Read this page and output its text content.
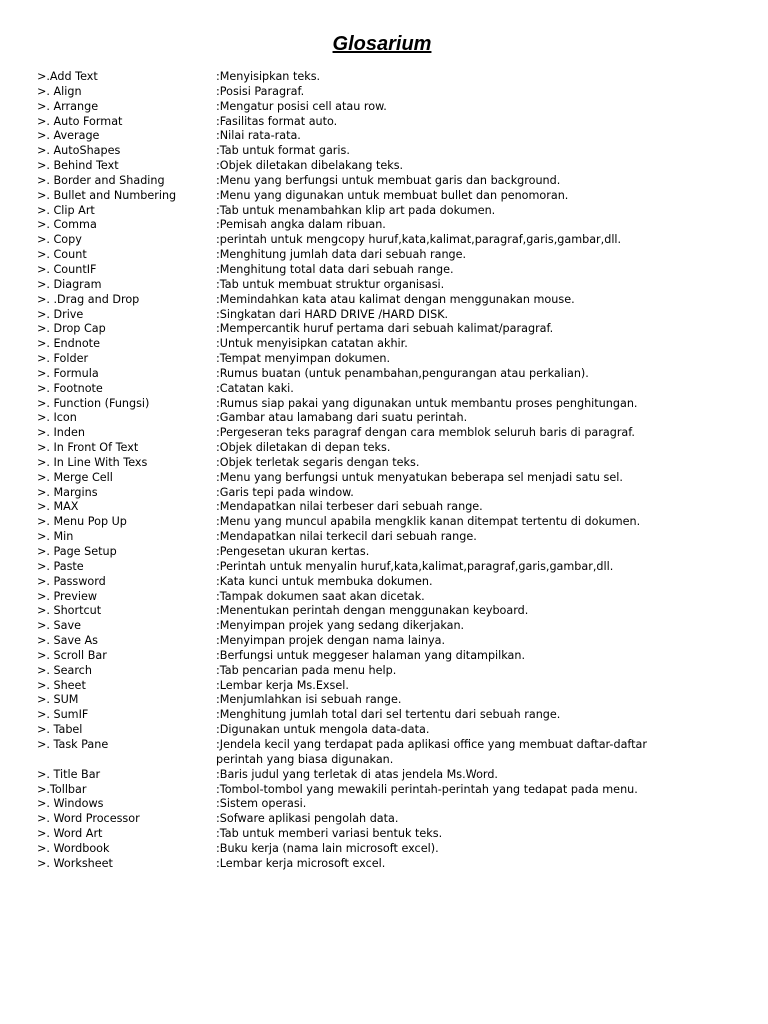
Glosarium
>.Add Text	:Menyisipkan teks.
>. Align	:Posisi Paragraf.
>. Arrange	:Mengatur posisi cell atau row.
>. Auto Format	:Fasilitas format auto.
>. Average	:Nilai rata-rata.
>. AutoShapes	:Tab untuk format garis.
>. Behind Text	:Objek diletakan dibelakang teks.
>. Border and Shading	:Menu yang berfungsi untuk membuat garis dan background.
>. Bullet and Numbering	:Menu yang digunakan untuk membuat bullet dan penomoran.
>. Clip Art	:Tab untuk menambahkan klip art pada dokumen.
>. Comma	:Pemisah angka dalam ribuan.
>. Copy	:perintah untuk mengcopy huruf,kata,kalimat,paragraf,garis,gambar,dll.
>. Count	:Menghitung jumlah data dari sebuah range.
>. CountIF	:Menghitung total data dari sebuah range.
>. Diagram	:Tab untuk membuat struktur organisasi.
>. .Drag and Drop	:Memindahkan kata atau kalimat dengan menggunakan mouse.
>. Drive	:Singkatan dari HARD DRIVE /HARD DISK.
>. Drop Cap	:Mempercantik huruf pertama dari sebuah kalimat/paragraf.
>. Endnote	:Untuk menyisipkan catatan akhir.
>. Folder	:Tempat menyimpan dokumen.
>. Formula	:Rumus buatan (untuk penambahan,pengurangan atau perkalian).
>. Footnote	:Catatan kaki.
>. Function (Fungsi)	:Rumus siap pakai yang digunakan untuk membantu proses penghitungan.
>. Icon	:Gambar atau lamabang dari suatu perintah.
>. Inden	:Pergeseran teks paragraf dengan cara memblok seluruh baris di paragraf.
>. In Front Of Text	:Objek diletakan di depan teks.
>. In Line With Texs	:Objek terletak segaris dengan teks.
>. Merge Cell	:Menu yang berfungsi untuk menyatukan beberapa sel menjadi satu sel.
>. Margins	:Garis tepi pada window.
>. MAX	:Mendapatkan nilai terbeser dari sebuah range.
>. Menu Pop Up	:Menu yang muncul apabila mengklik kanan ditempat tertentu di dokumen.
>. Min	:Mendapatkan nilai terkecil dari sebuah range.
>. Page Setup	:Pengesetan ukuran kertas.
>. Paste	:Perintah untuk menyalin huruf,kata,kalimat,paragraf,garis,gambar,dll.
>. Password	:Kata kunci untuk membuka dokumen.
>. Preview	:Tampak dokumen saat akan dicetak.
>. Shortcut	:Menentukan perintah dengan menggunakan keyboard.
>. Save	:Menyimpan projek yang sedang dikerjakan.
>. Save As	:Menyimpan projek dengan nama lainya.
>. Scroll Bar	:Berfungsi untuk meggeser halaman yang ditampilkan.
>. Search	:Tab pencarian pada menu help.
>. Sheet	:Lembar kerja Ms.Exsel.
>. SUM	:Menjumlahkan isi sebuah range.
>. SumIF	:Menghitung jumlah total dari sel tertentu dari sebuah range.
>. Tabel	:Digunakan untuk mengola data-data.
>. Task Pane	:Jendela kecil yang terdapat pada aplikasi office yang membuat daftar-daftar
perintah yang biasa digunakan.
>. Title Bar	:Baris judul yang terletak di atas jendela Ms.Word.
>.Tollbar	:Tombol-tombol yang mewakili perintah-perintah yang tedapat pada menu.
>. Windows	:Sistem operasi.
>. Word Processor	:Sofware aplikasi pengolah data.
>. Word Art	:Tab untuk memberi variasi bentuk teks.
>. Wordbook	:Buku kerja (nama lain microsoft excel).
>. Worksheet	:Lembar kerja microsoft excel.
